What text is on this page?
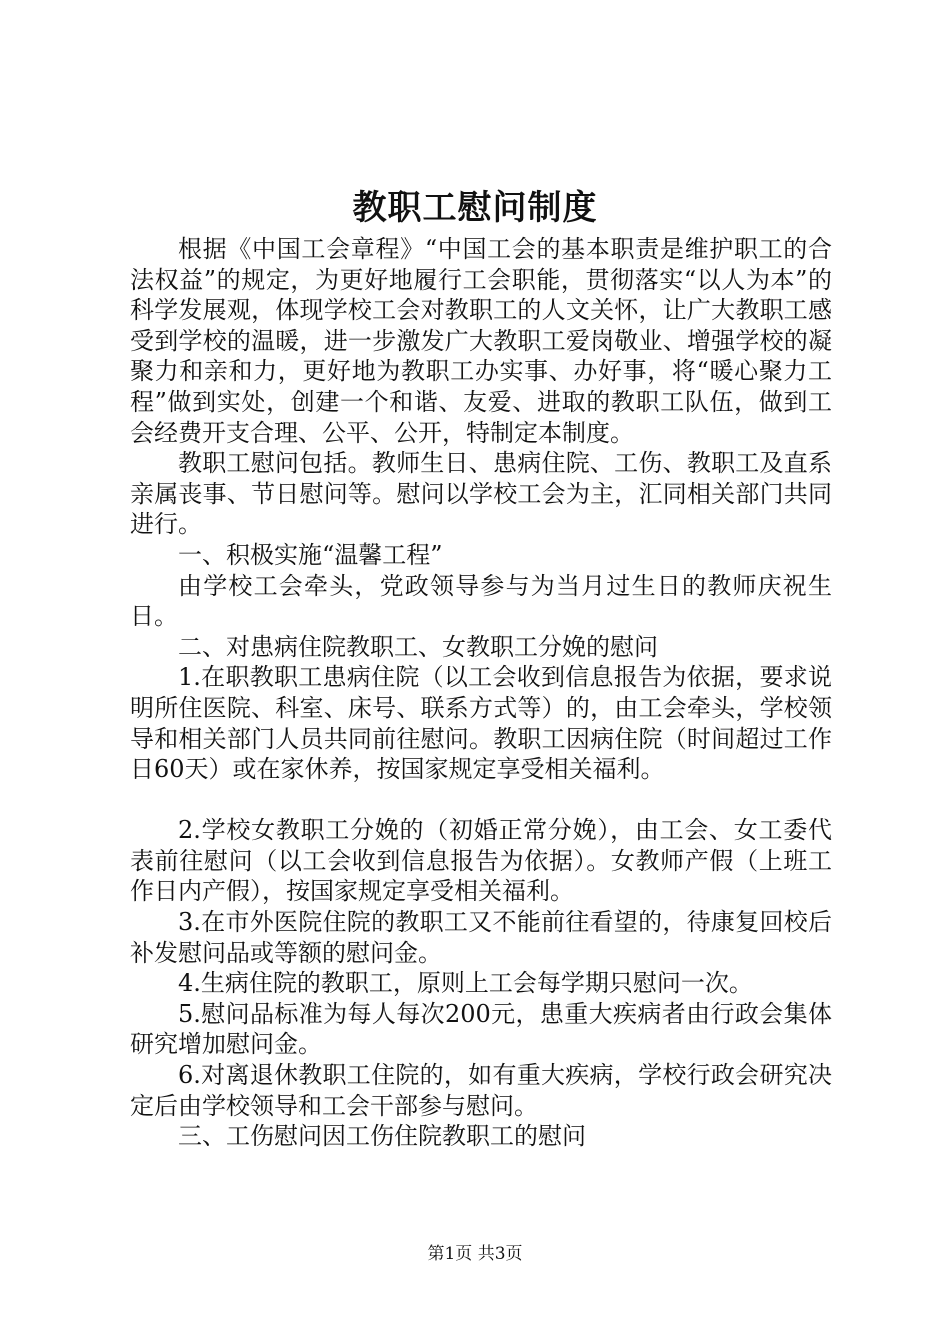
教职工慰问制度

根据《中国工会章程》“中国工会的基本职责是维护职工的合法权益”的规定，为更好地履行工会职能，贯彻落实“以人为本”的科学发展观，体现学校工会对教职工的人文关怀，让广大教职工感受到学校的温暖，进一步激发广大教职工爱岗敬业、增强学校的凝聚力和亲和力，更好地为教职工办实事、办好事，将“暖心聚力工程”做到实处，创建一个和谐、友爱、进取的教职工队伍，做到工会经费开支合理、公平、公开，特制定本制度。

教职工慰问包括。教师生日、患病住院、工伤、教职工及直系亲属丧事、节日慰问等。慰问以学校工会为主，汇同相关部门共同进行。

一、积极实施“温馨工程”

由学校工会牵头，党政领导参与为当月过生日的教师庆祝生日。

二、对患病住院教职工、女教职工分娩的慰问

1.在职教职工患病住院（以工会收到信息报告为依据，要求说明所住医院、科室、床号、联系方式等）的，由工会牵头，学校领导和相关部门人员共同前往慰问。教职工因病住院（时间超过工作日60天）或在家休养，按国家规定享受相关福利。

2.学校女教职工分娩的（初婚正常分娩），由工会、女工委代表前往慰问（以工会收到信息报告为依据）。女教师产假（上班工作日内产假），按国家规定享受相关福利。

3.在市外医院住院的教职工又不能前往看望的，待康复回校后补发慰问品或等额的慰问金。

4.生病住院的教职工，原则上工会每学期只慰问一次。

5.慰问品标准为每人每次200元，患重大疾病者由行政会集体研究增加慰问金。

6.对离退休教职工住院的，如有重大疾病，学校行政会研究决定后由学校领导和工会干部参与慰问。

三、工伤慰问因工伤住院教职工的慰问

第1页 共3页
